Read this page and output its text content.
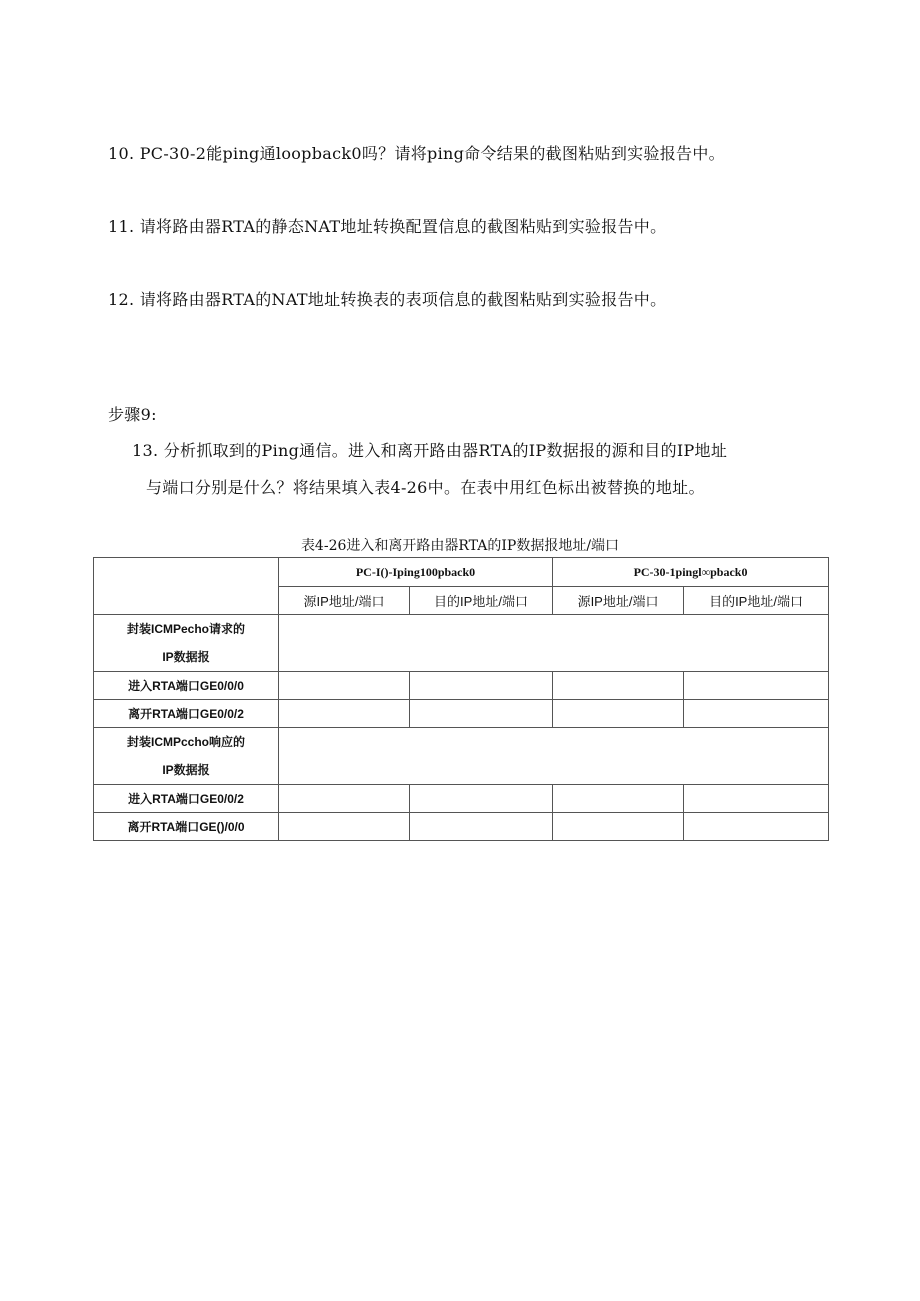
10. PC-30-2能ping通loopback0吗？请将ping命令结果的截图粘贴到实验报告中。
11. 请将路由器RTA的静态NAT地址转换配置信息的截图粘贴到实验报告中。
12. 请将路由器RTA的NAT地址转换表的表项信息的截图粘贴到实验报告中。
步骤9:
13. 分析抓取到的Ping通信。进入和离开路由器RTA的IP数据报的源和目的IP地址
与端口分别是什么？将结果填入表4-26中。在表中用红色标出被替换的地址。
表4-26进入和离开路由器RTA的IP数据报地址/端口
	PC-I()-Iping100pback0		PC-30-1pingl∞pback0	
	源IP地址/端口	目的IP地址/端口	源IP地址/端口	目的IP地址/端口

封装ICMPecho请求的
IP数据报				

进入RTA端口GE0/0/0				
离开RTA端口GE0/0/2				

封装ICMPccho响应的
IP数据报				

进入RTA端口GE0/0/2				
离开RTA端口GE()/0/0				
